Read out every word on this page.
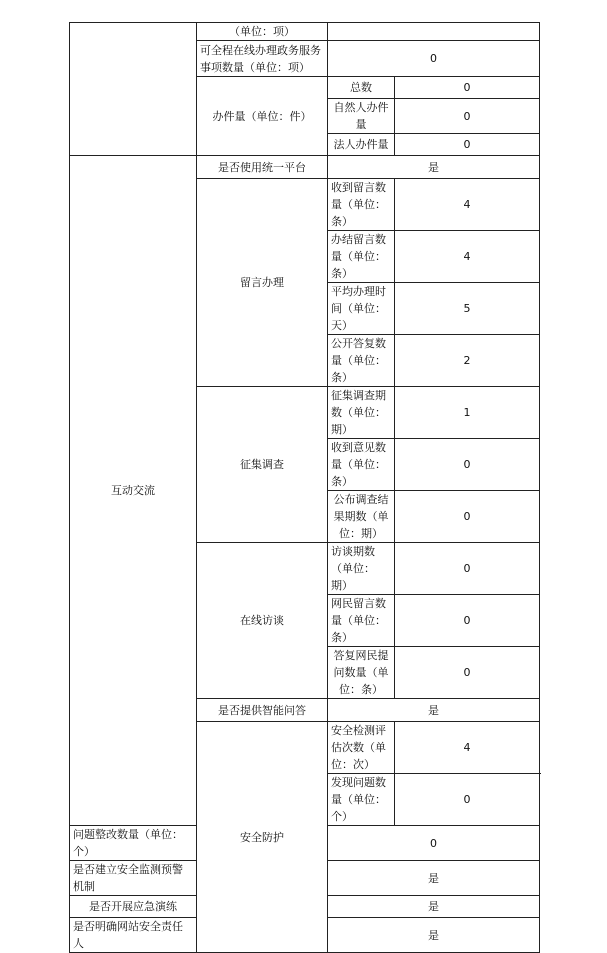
	（单位：项）		
	可全程在线办理政务服务事项数量（单位：项）	0	
	办件量（单位：件）	总数	0
		自然人办件量	0
		法人办件量	0
互动交流	是否使用统一平台	是	
	留言办理	收到留言数量（单位：条）	4
		办结留言数量（单位：条）	4
		平均办理时间（单位：天）	5
		公开答复数量（单位：条）	2
	征集调查	征集调查期数（单位：期）	1
		收到意见数量（单位：条）	0
		公布调查结果期数（单位：期）	0
	在线访谈	访谈期数（单位：期）	0
		网民留言数量（单位：条）	0
		答复网民提问数量（单位：条）	0
	是否提供智能问答	是	
	安全防护	安全检测评估次数（单位：次）	4
		发现问题数量（单位：个）	0
问题整改数量（单位：个）		0	
是否建立安全监测预警机制		是	
是否开展应急演练		是	
是否明确网站安全责任人		是	
